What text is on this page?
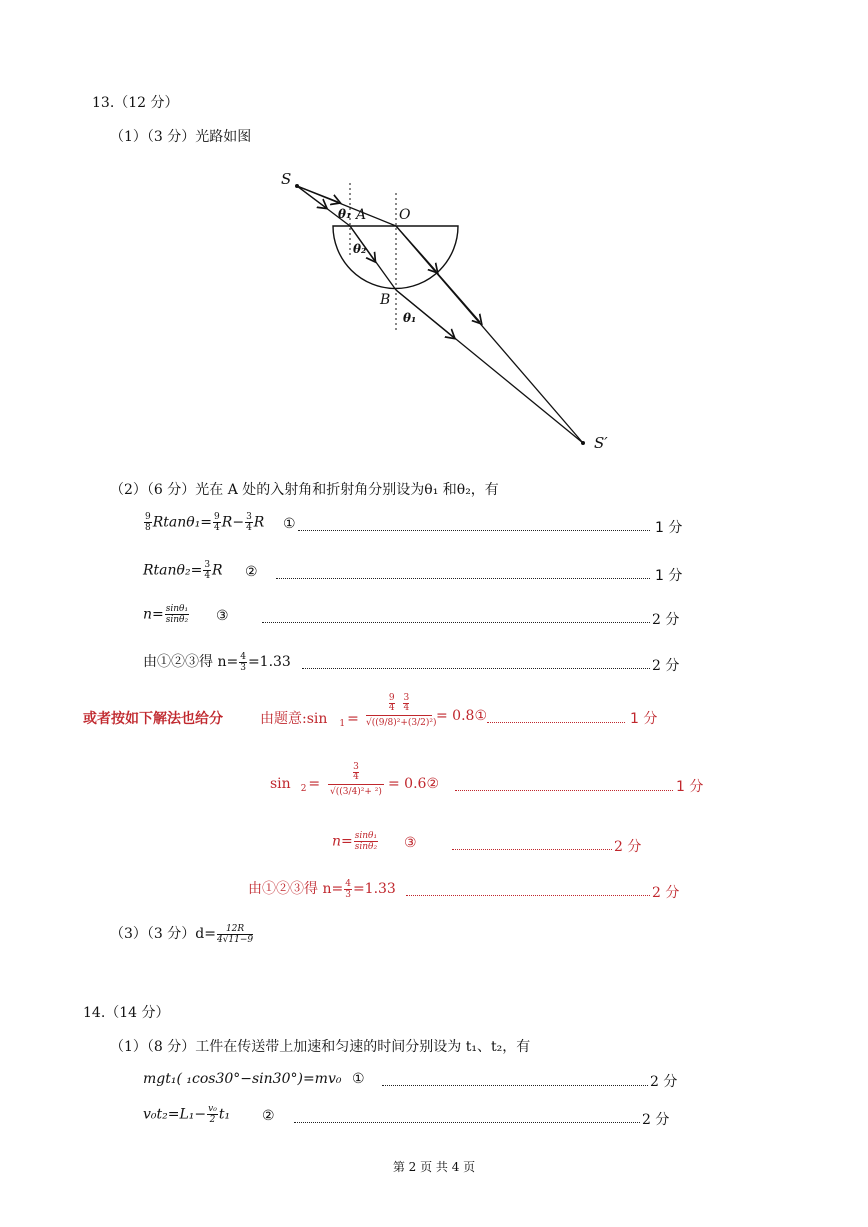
13.（12 分）
（1）（3 分）光路如图
S
A O
B
θ₁
θ₂
θ₁
S′
（2）（6 分）光在 A 处的入射角和折射角分别设为θ₁ 和θ₂，有
$\frac{9}{8} Rtan\theta_1= \frac{9}{4} R- \frac{3}{4}$ R ①	1 分
$Rtan\theta_2= \frac{3}{4}$ R ②	1 分
$n= \frac{\text{sinθ₁}}{\text{sinθ₂}}$ ③	2 分
由①②③得 $n= \frac{4}{3} =1.33$	2 分
或者按如下解法也给分	由题意:sin $_1$ =
$\frac{9}{4}$
$\frac{3}{4}$
√((9/8)²+(3/2)²) = 0.8①	1 分
sin $_2$ =
$\frac{3}{4}$
√((3/4)²+ ²) = 0.6②	1 分
$n= \frac{\text{sinθ₁}}{\text{sinθ₂}}$ ③	2 分
由①②③得 $n= \frac{4}{3} =1.33$	2 分
（3）（3 分）$d= \frac{12R}{4√11-9}$
14.（14 分）
（1）（8 分）工件在传送带上加速和匀速的时间分别设为 t₁、t₂，有
mgt₁( ₁cos30°−sin30°)=mv₀ ①	2 分
$v_0t_2=L_1- \frac{\text{v₀}}{2} t_1$ ②	2 分
第 2 页 共 4 页
